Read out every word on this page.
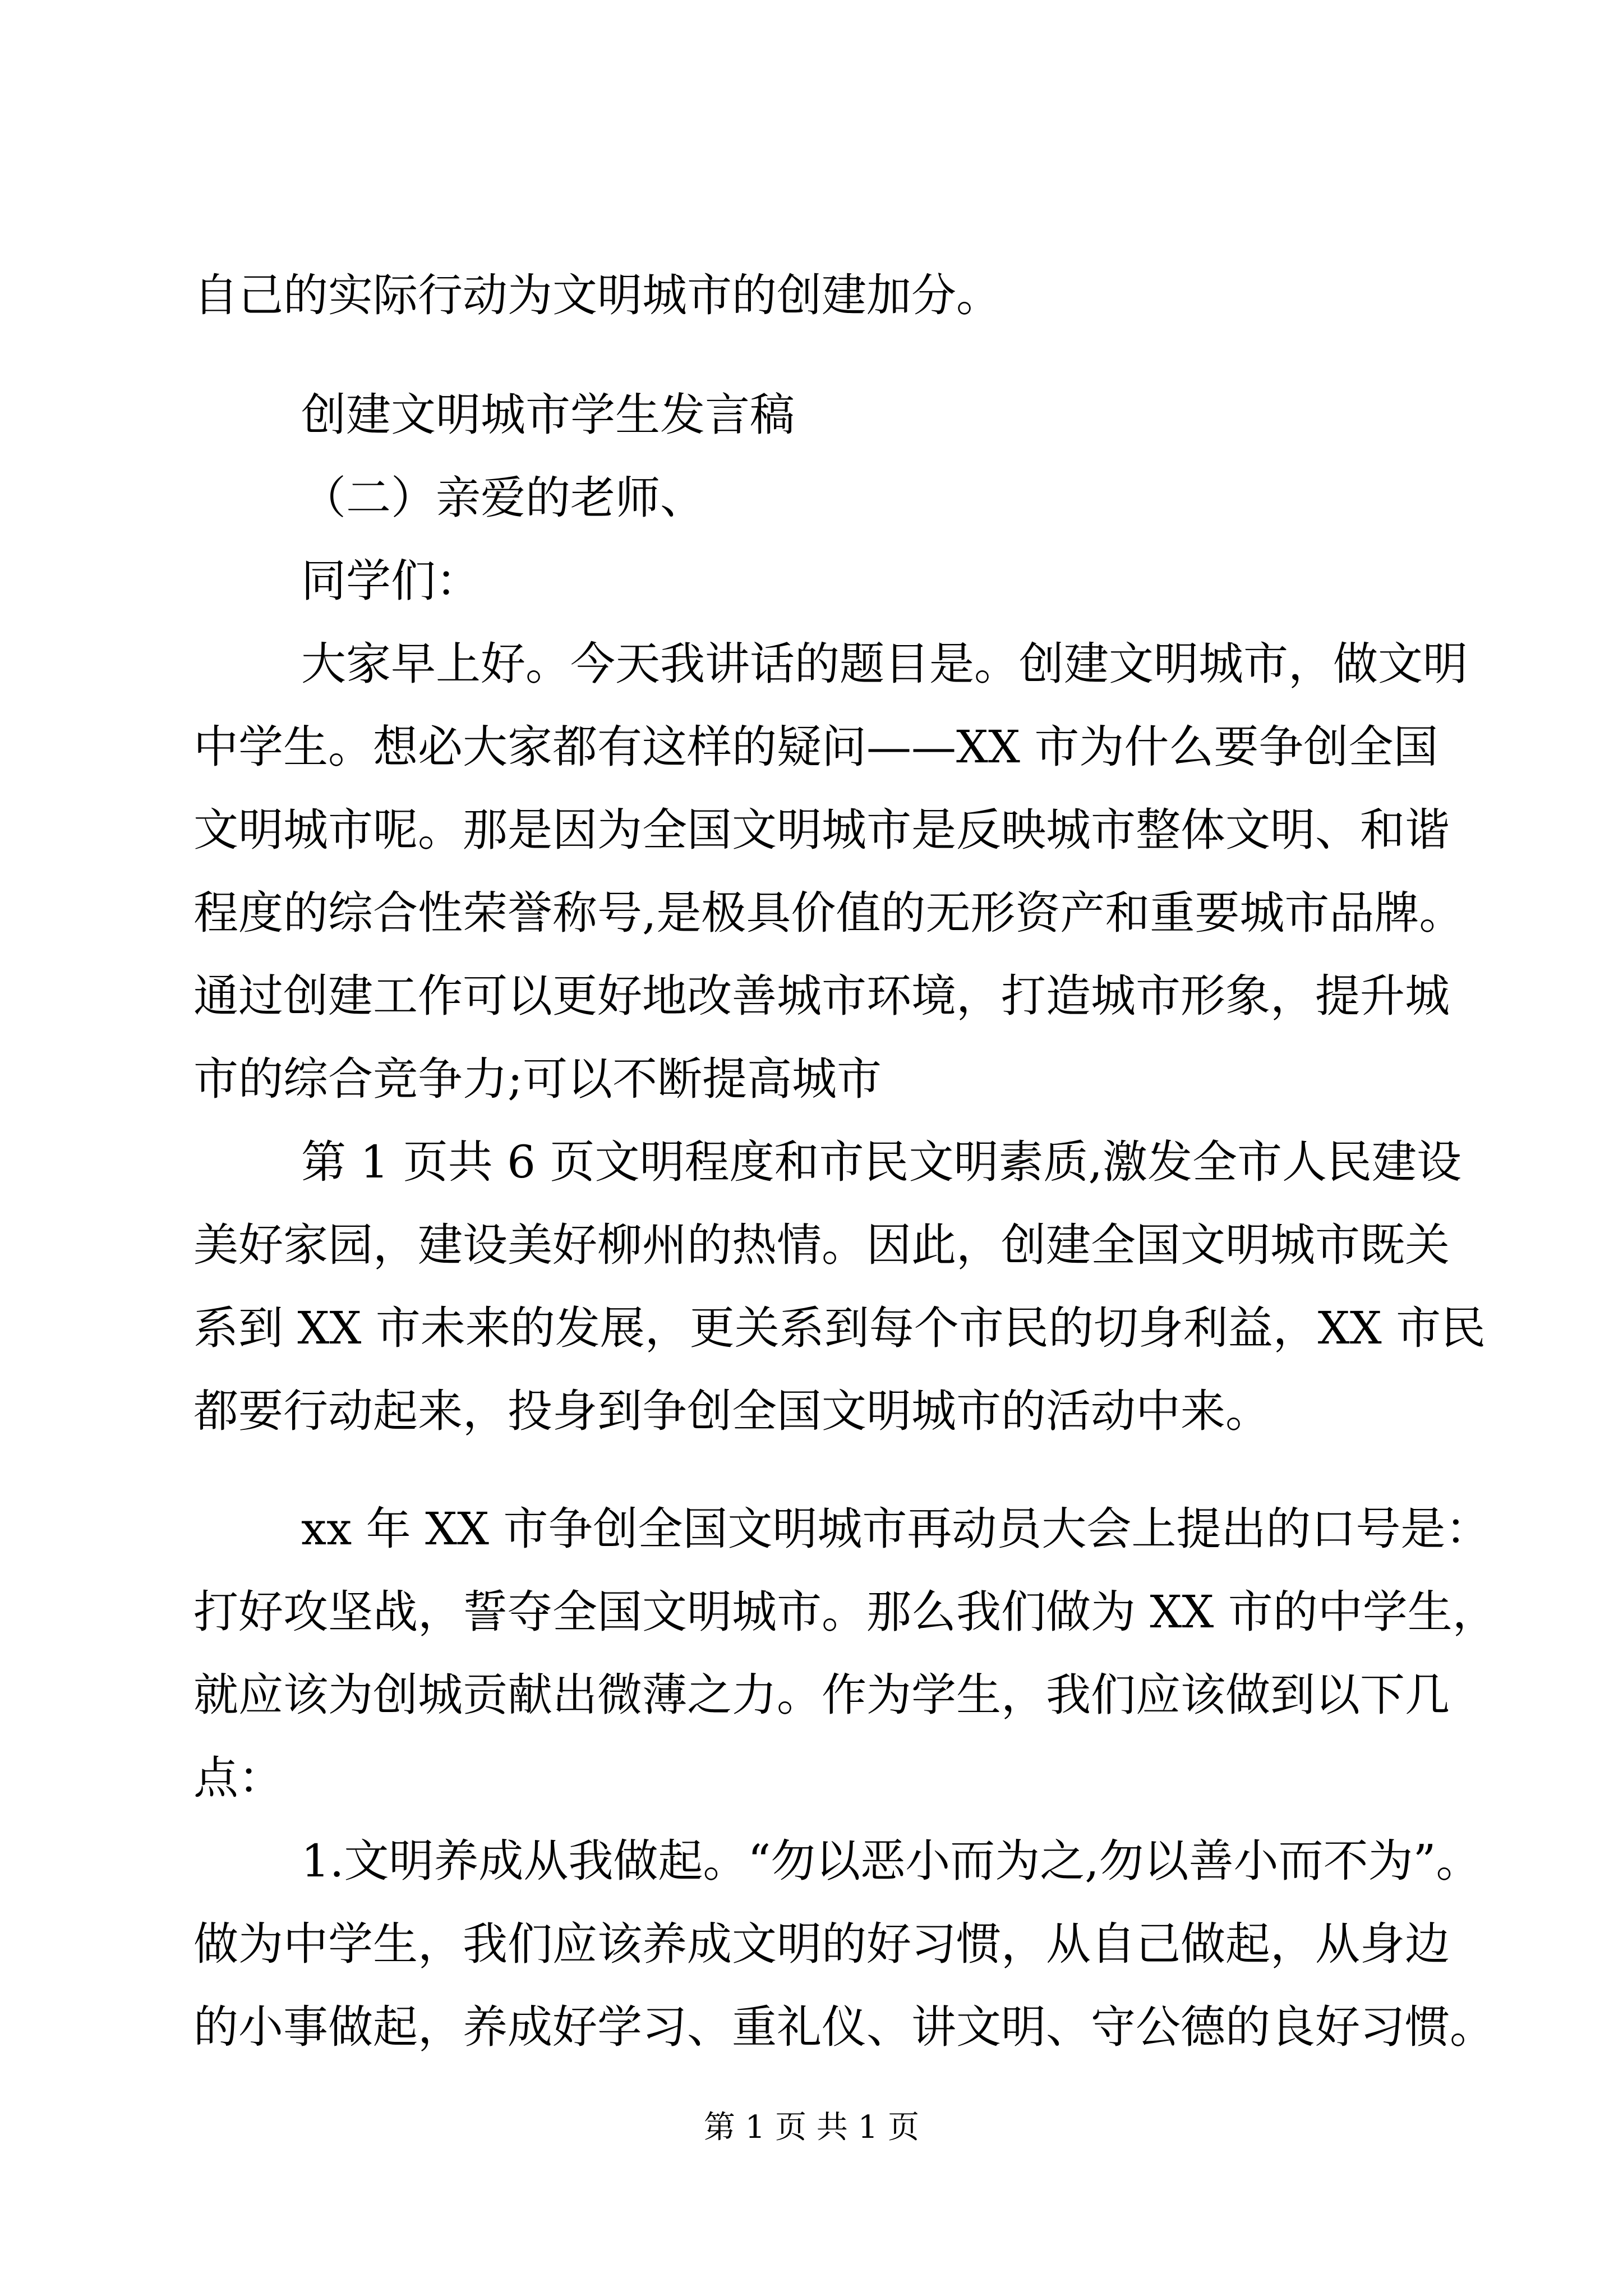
自己的实际行动为文明城市的创建加分。
创建文明城市学生发言稿
（二）亲爱的老师、
同学们：
大家早上好。今天我讲话的题目是。创建文明城市，做文明
中学生。想必大家都有这样的疑问——XX 市为什么要争创全国
文明城市呢。那是因为全国文明城市是反映城市整体文明、和谐
程度的综合性荣誉称号,是极具价值的无形资产和重要城市品牌。
通过创建工作可以更好地改善城市环境，打造城市形象，提升城
市的综合竞争力;可以不断提高城市
第 1 页共 6 页文明程度和市民文明素质,激发全市人民建设
美好家园，建设美好柳州的热情。因此，创建全国文明城市既关
系到 XX 市未来的发展，更关系到每个市民的切身利益，XX 市民
都要行动起来，投身到争创全国文明城市的活动中来。
xx 年 XX 市争创全国文明城市再动员大会上提出的口号是：
打好攻坚战，誓夺全国文明城市。那么我们做为 XX 市的中学生，
就应该为创城贡献出微薄之力。作为学生，我们应该做到以下几
点：
1.文明养成从我做起。“勿以恶小而为之,勿以善小而不为”。
做为中学生，我们应该养成文明的好习惯，从自己做起，从身边
的小事做起，养成好学习、重礼仪、讲文明、守公德的良好习惯。
第 1 页 共 1 页
